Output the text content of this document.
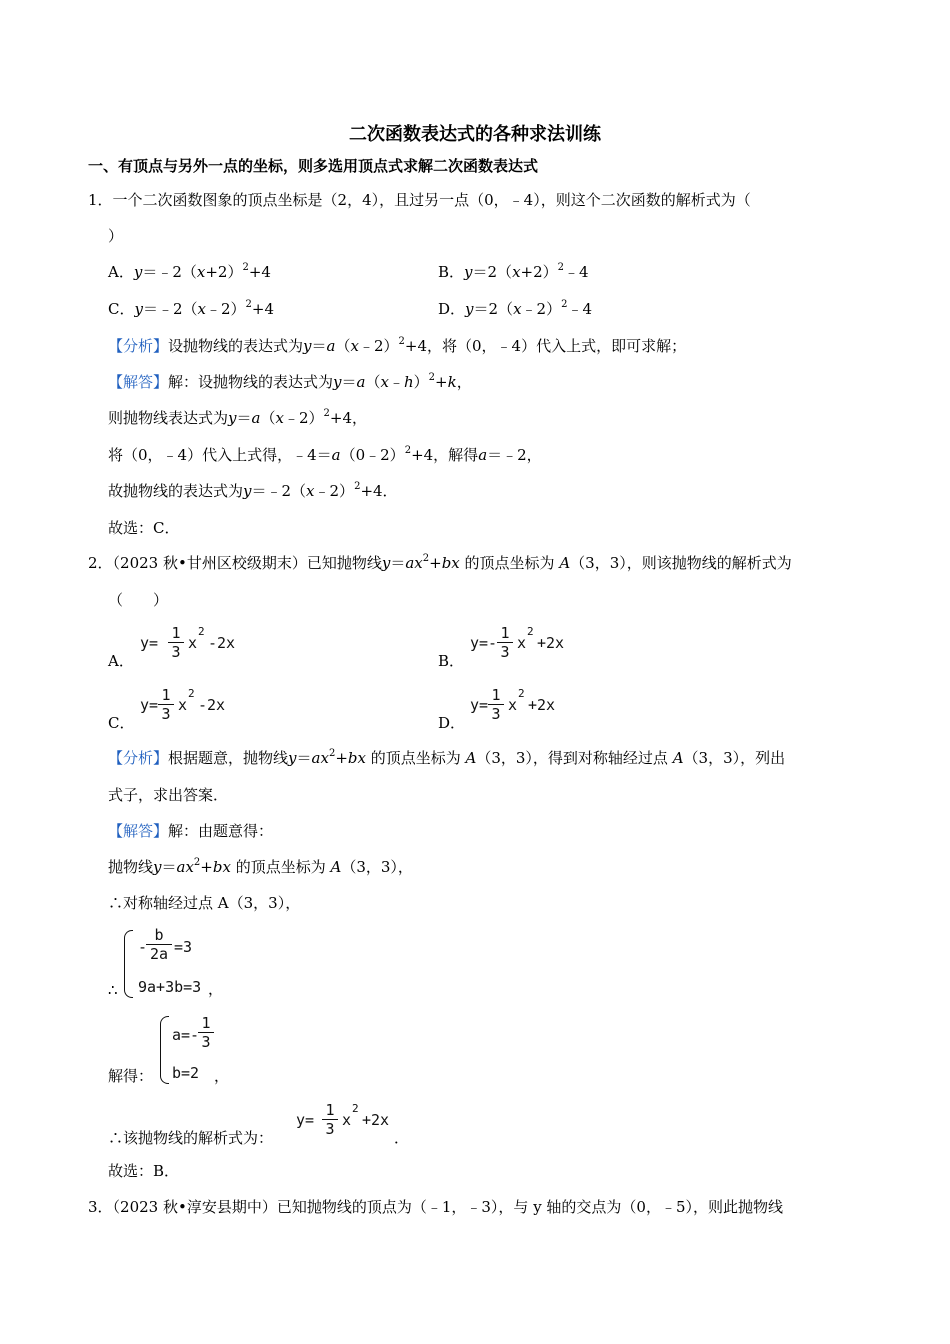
二次函数表达式的各种求法训练
一、有顶点与另外一点的坐标，则多选用顶点式求解二次函数表达式
1．一个二次函数图象的顶点坐标是（2，4），且过另一点（0，﹣4），则这个二次函数的解析式为（
）
A．$y=﹣2(x+2)^2+4$	B．$y=2(x+2)^2﹣4$
C．y＝﹣2（x﹣2）$^2$+4	D．y＝2（x﹣2）$^2$﹣4
【分析】设抛物线的表达式为y＝a（x﹣2）$^2$+4，将（0，﹣4）代入上式，即可求解；
【解答】解：设抛物线的表达式为y＝a（x﹣h）$^2$+k，
则抛物线表达式为y＝a（x﹣2）$^2$+4，
将（0，﹣4）代入上式得，﹣4＝a（0﹣2）$^2$+4，解得a＝﹣2，
故抛物线的表达式为y＝﹣2（x﹣2）$^2$+4．
故选：C．
2．（2023 秋•甘州区校级期末）已知抛物线$y=ax^2+bx$ 的顶点坐标为 A（3，3），则该抛物线的解析式为
（　　）
A．
y=
1
3 x
2
-2x
B．
y=-
1
3 x
2
+2x
C．
y=
1
3 x
2
-2x
D．
y=
1
3 x
2
+2x
【分析】根据题意，抛物线$y=ax^2+bx$ 的顶点坐标为 A（3，3），得到对称轴经过点 A（3，3），列出
式子，求出答案．
【解答】解：由题意得：
抛物线$y=ax^2+bx$ 的顶点坐标为 A（3，3），
∴对称轴经过点 A（3，3），
∴
-
b
2a =3
9a+3b=3 ，
解得：
a=-
1
3
b=2 ，
∴该抛物线的解析式为：
y=
1
3 x
2
+2x
．
故选：B．
3．（2023 秋•淳安县期中）已知抛物线的顶点为（﹣1，﹣3），与 y 轴的交点为（0，﹣5），则此抛物线
